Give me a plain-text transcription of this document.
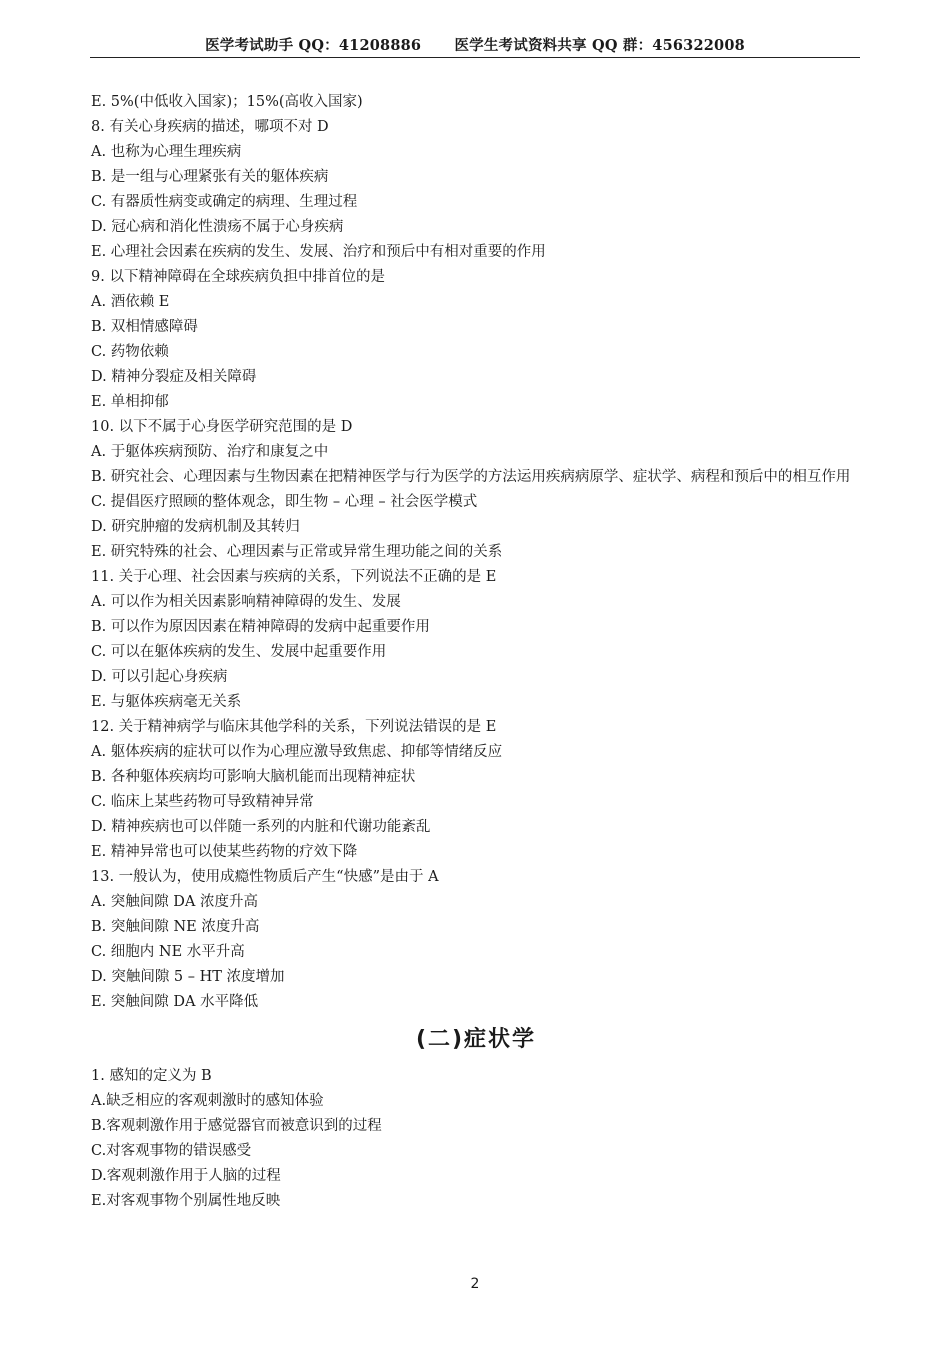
医学考试助手 QQ：41208886 医学生考试资料共享 QQ 群：456322008

E. 5%(中低收入国家)；15%(高收入国家)

8. 有关心身疾病的描述，哪项不对 D

A. 也称为心理生理疾病

B. 是一组与心理紧张有关的躯体疾病

C. 有器质性病变或确定的病理、生理过程

D. 冠心病和消化性溃疡不属于心身疾病

E. 心理社会因素在疾病的发生、发展、治疗和预后中有相对重要的作用

9. 以下精神障碍在全球疾病负担中排首位的是

A. 酒依赖 E

B. 双相情感障碍

C. 药物依赖

D. 精神分裂症及相关障碍

E. 单相抑郁

10. 以下不属于心身医学研究范围的是 D

A. 于躯体疾病预防、治疗和康复之中

B. 研究社会、心理因素与生物因素在把精神医学与行为医学的方法运用疾病病原学、症状学、病程和预后中的相互作用

C. 提倡医疗照顾的整体观念，即生物 – 心理 – 社会医学模式

D. 研究肿瘤的发病机制及其转归

E. 研究特殊的社会、心理因素与正常或异常生理功能之间的关系

11. 关于心理、社会因素与疾病的关系，下列说法不正确的是 E

A. 可以作为相关因素影响精神障碍的发生、发展

B. 可以作为原因因素在精神障碍的发病中起重要作用

C. 可以在躯体疾病的发生、发展中起重要作用

D. 可以引起心身疾病

E. 与躯体疾病毫无关系

12. 关于精神病学与临床其他学科的关系，下列说法错误的是 E

A. 躯体疾病的症状可以作为心理应激导致焦虑、抑郁等情绪反应

B. 各种躯体疾病均可影响大脑机能而出现精神症状

C. 临床上某些药物可导致精神异常

D. 精神疾病也可以伴随一系列的内脏和代谢功能紊乱

E. 精神异常也可以使某些药物的疗效下降

13. 一般认为，使用成瘾性物质后产生“快感”是由于 A

A. 突触间隙 DA 浓度升高

B. 突触间隙 NE 浓度升高

C. 细胞内 NE 水平升高

D. 突触间隙 5 – HT 浓度增加

E. 突触间隙 DA 水平降低

(二)症状学

1. 感知的定义为 B

A.缺乏相应的客观刺激时的感知体验

B.客观刺激作用于感觉器官而被意识到的过程

C.对客观事物的错误感受

D.客观刺激作用于人脑的过程

E.对客观事物个别属性地反映

2
